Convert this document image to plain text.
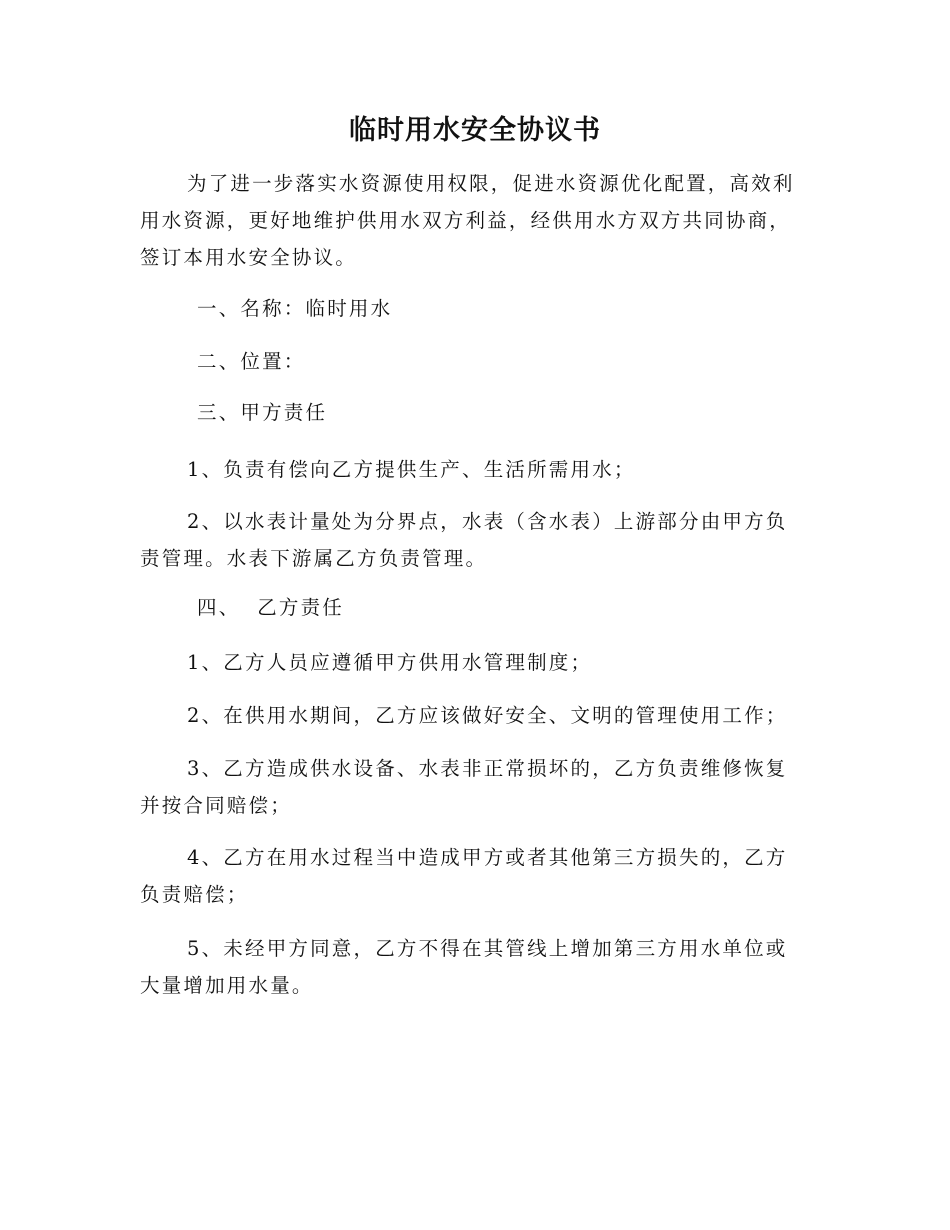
临时用水安全协议书

为了进一步落实水资源使用权限，促进水资源优化配置，高效利用水资源，更好地维护供用水双方利益，经供用水方双方共同协商，签订本用水安全协议。

一、名称：临时用水

二、位置：

三、甲方责任

1、负责有偿向乙方提供生产、生活所需用水；

2、以水表计量处为分界点，水表（含水表）上游部分由甲方负责管理。水表下游属乙方负责管理。

四、  乙方责任

1、乙方人员应遵循甲方供用水管理制度；

2、在供用水期间，乙方应该做好安全、文明的管理使用工作；

3、乙方造成供水设备、水表非正常损坏的，乙方负责维修恢复并按合同赔偿；

4、乙方在用水过程当中造成甲方或者其他第三方损失的，乙方负责赔偿；

5、未经甲方同意，乙方不得在其管线上增加第三方用水单位或大量增加用水量。
